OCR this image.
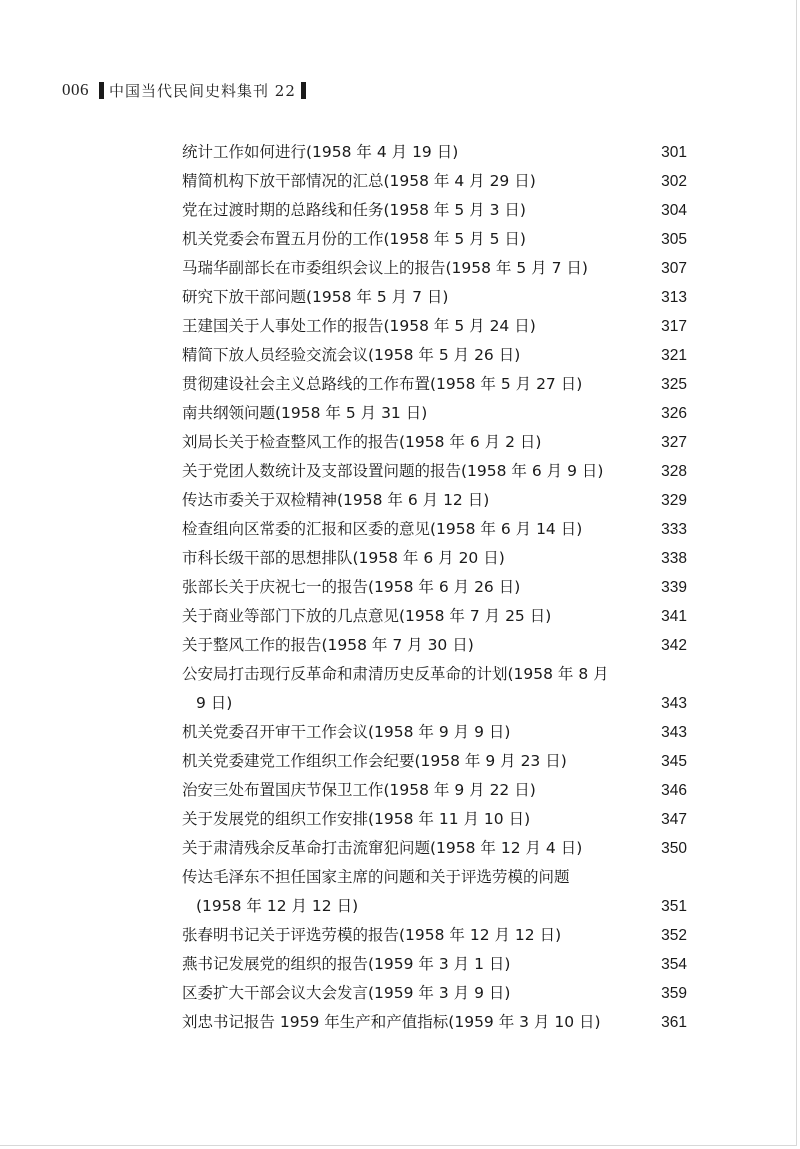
006 中国当代民间史料集刊 22
统计工作如何进行(1958 年 4 月 19 日)	301
精简机构下放干部情况的汇总(1958 年 4 月 29 日)	302
党在过渡时期的总路线和任务(1958 年 5 月 3 日)	304
机关党委会布置五月份的工作(1958 年 5 月 5 日)	305
马瑞华副部长在市委组织会议上的报告(1958 年 5 月 7 日)	307
研究下放干部问题(1958 年 5 月 7 日)	313
王建国关于人事处工作的报告(1958 年 5 月 24 日)	317
精简下放人员经验交流会议(1958 年 5 月 26 日)	321
贯彻建设社会主义总路线的工作布置(1958 年 5 月 27 日)	325
南共纲领问题(1958 年 5 月 31 日)	326
刘局长关于检查整风工作的报告(1958 年 6 月 2 日)	327
关于党团人数统计及支部设置问题的报告(1958 年 6 月 9 日)	328
传达市委关于双检精神(1958 年 6 月 12 日)	329
检查组向区常委的汇报和区委的意见(1958 年 6 月 14 日)	333
市科长级干部的思想排队(1958 年 6 月 20 日)	338
张部长关于庆祝七一的报告(1958 年 6 月 26 日)	339
关于商业等部门下放的几点意见(1958 年 7 月 25 日)	341
关于整风工作的报告(1958 年 7 月 30 日)	342
公安局打击现行反革命和肃清历史反革命的计划(1958 年 8 月
9 日)	343
机关党委召开审干工作会议(1958 年 9 月 9 日)	343
机关党委建党工作组织工作会纪要(1958 年 9 月 23 日)	345
治安三处布置国庆节保卫工作(1958 年 9 月 22 日)	346
关于发展党的组织工作安排(1958 年 11 月 10 日)	347
关于肃清残余反革命打击流窜犯问题(1958 年 12 月 4 日)	350
传达毛泽东不担任国家主席的问题和关于评选劳模的问题
(1958 年 12 月 12 日)	351
张春明书记关于评选劳模的报告(1958 年 12 月 12 日)	352
燕书记发展党的组织的报告(1959 年 3 月 1 日)	354
区委扩大干部会议大会发言(1959 年 3 月 9 日)	359
刘忠书记报告 1959 年生产和产值指标(1959 年 3 月 10 日)	361
